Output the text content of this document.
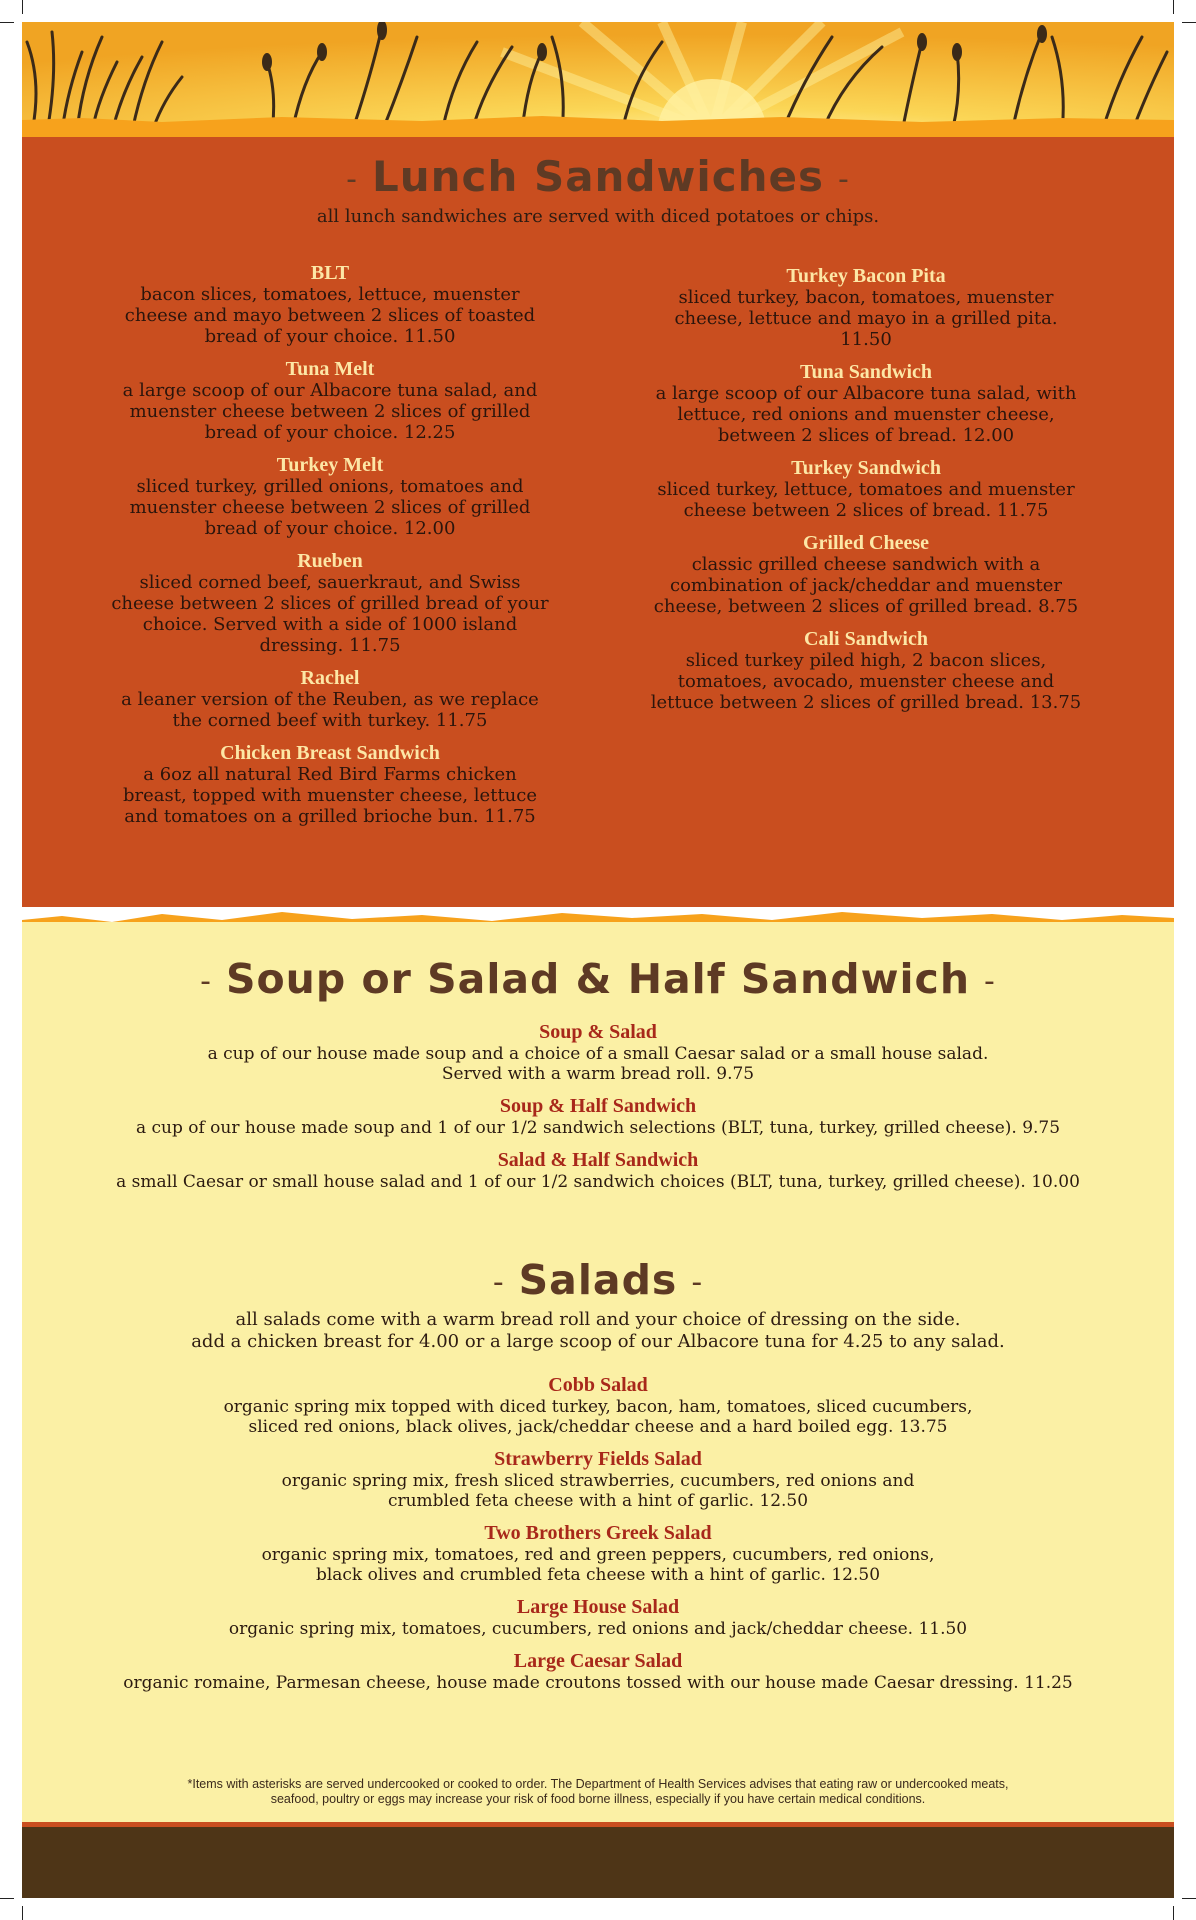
- Lunch Sandwiches -
all lunch sandwiches are served with diced potatoes or chips.
BLT
bacon slices, tomatoes, lettuce, muenster cheese and mayo between 2 slices of toasted bread of your choice. 11.50
Tuna Melt
a large scoop of our Albacore tuna salad, and muenster cheese between 2 slices of grilled bread of your choice. 12.25
Turkey Melt
sliced turkey, grilled onions, tomatoes and muenster cheese between 2 slices of grilled bread of your choice. 12.00
Rueben
sliced corned beef, sauerkraut, and Swiss cheese between 2 slices of grilled bread of your choice. Served with a side of 1000 island dressing. 11.75
Rachel
a leaner version of the Reuben, as we replace the corned beef with turkey. 11.75
Chicken Breast Sandwich
a 6oz all natural Red Bird Farms chicken breast, topped with muenster cheese, lettuce and tomatoes on a grilled brioche bun. 11.75
Turkey Bacon Pita
sliced turkey, bacon, tomatoes, muenster cheese, lettuce and mayo in a grilled pita. 11.50
Tuna Sandwich
a large scoop of our Albacore tuna salad, with lettuce, red onions and muenster cheese, between 2 slices of bread. 12.00
Turkey Sandwich
sliced turkey, lettuce, tomatoes and muenster cheese between 2 slices of bread. 11.75
Grilled Cheese
classic grilled cheese sandwich with a combination of jack/cheddar and muenster cheese, between 2 slices of grilled bread. 8.75
Cali Sandwich
sliced turkey piled high, 2 bacon slices, tomatoes, avocado, muenster cheese and lettuce between 2 slices of grilled bread. 13.75
- Soup or Salad & Half Sandwich -
Soup & Salad
a cup of our house made soup and a choice of a small Caesar salad or a small house salad.
Served with a warm bread roll. 9.75
Soup & Half Sandwich
a cup of our house made soup and 1 of our 1/2 sandwich selections (BLT, tuna, turkey, grilled cheese). 9.75
Salad & Half Sandwich
a small Caesar or small house salad and 1 of our 1/2 sandwich choices (BLT, tuna, turkey, grilled cheese). 10.00
- Salads -
all salads come with a warm bread roll and your choice of dressing on the side.
add a chicken breast for 4.00 or a large scoop of our Albacore tuna for 4.25 to any salad.
Cobb Salad
organic spring mix topped with diced turkey, bacon, ham, tomatoes, sliced cucumbers,
sliced red onions, black olives, jack/cheddar cheese and a hard boiled egg. 13.75
Strawberry Fields Salad
organic spring mix, fresh sliced strawberries, cucumbers, red onions and
crumbled feta cheese with a hint of garlic. 12.50
Two Brothers Greek Salad
organic spring mix, tomatoes, red and green peppers, cucumbers, red onions,
black olives and crumbled feta cheese with a hint of garlic. 12.50
Large House Salad
organic spring mix, tomatoes, cucumbers, red onions and jack/cheddar cheese. 11.50
Large Caesar Salad
organic romaine, Parmesan cheese, house made croutons tossed with our house made Caesar dressing. 11.25
*Items with asterisks are served undercooked or cooked to order. The Department of Health Services advises that eating raw or undercooked meats,
seafood, poultry or eggs may increase your risk of food borne illness, especially if you have certain medical conditions.
